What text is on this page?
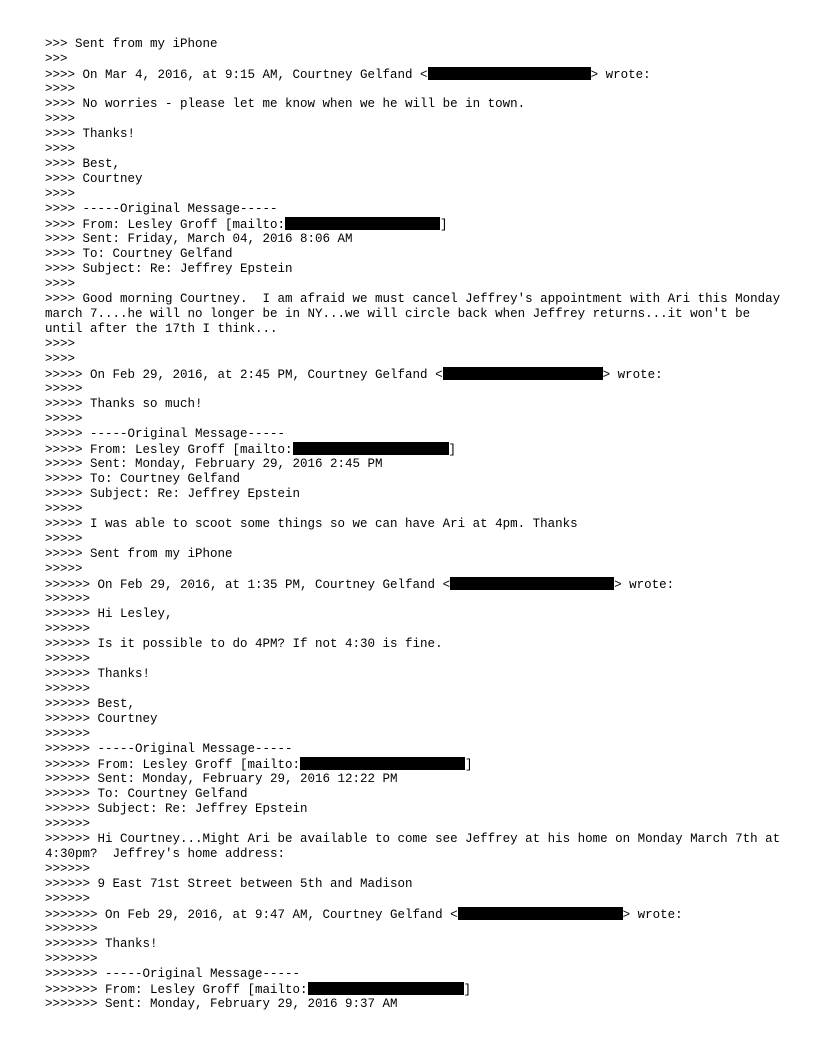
>>> Sent from my iPhone
>>>
>>>> On Mar 4, 2016, at 9:15 AM, Courtney Gelfand <	> wrote:
>>>>
>>>> No worries - please let me know when we he will be in town.
>>>>
>>>> Thanks!
>>>>
>>>> Best,
>>>> Courtney
>>>>
>>>> -----Original Message-----
>>>> From: Lesley Groff [mailto:	]
>>>> Sent: Friday, March 04, 2016 8:06 AM
>>>> To: Courtney Gelfand
>>>> Subject: Re: Jeffrey Epstein
>>>>
>>>> Good morning Courtney.  I am afraid we must cancel Jeffrey's appointment with Ari this Monday march 7....he will no longer be in NY...we will circle back when Jeffrey returns...it won't be until after the 17th I think...
>>>>
>>>>
>>>>> On Feb 29, 2016, at 2:45 PM, Courtney Gelfand <	> wrote:
>>>>>
>>>>> Thanks so much!
>>>>>
>>>>> -----Original Message-----
>>>>> From: Lesley Groff [mailto:	]
>>>>> Sent: Monday, February 29, 2016 2:45 PM
>>>>> To: Courtney Gelfand
>>>>> Subject: Re: Jeffrey Epstein
>>>>>
>>>>> I was able to scoot some things so we can have Ari at 4pm. Thanks
>>>>>
>>>>> Sent from my iPhone
>>>>>
>>>>>> On Feb 29, 2016, at 1:35 PM, Courtney Gelfand <	> wrote:
>>>>>>
>>>>>> Hi Lesley,
>>>>>>
>>>>>> Is it possible to do 4PM? If not 4:30 is fine.
>>>>>>
>>>>>> Thanks!
>>>>>>
>>>>>> Best,
>>>>>> Courtney
>>>>>>
>>>>>> -----Original Message-----
>>>>>> From: Lesley Groff [mailto:	]
>>>>>> Sent: Monday, February 29, 2016 12:22 PM
>>>>>> To: Courtney Gelfand
>>>>>> Subject: Re: Jeffrey Epstein
>>>>>>
>>>>>> Hi Courtney...Might Ari be available to come see Jeffrey at his home on Monday March 7th at 4:30pm?  Jeffrey's home address:
>>>>>>
>>>>>> 9 East 71st Street between 5th and Madison
>>>>>>
>>>>>>> On Feb 29, 2016, at 9:47 AM, Courtney Gelfand <	> wrote:
>>>>>>>
>>>>>>> Thanks!
>>>>>>>
>>>>>>> -----Original Message-----
>>>>>>> From: Lesley Groff [mailto:	]
>>>>>>> Sent: Monday, February 29, 2016 9:37 AM
